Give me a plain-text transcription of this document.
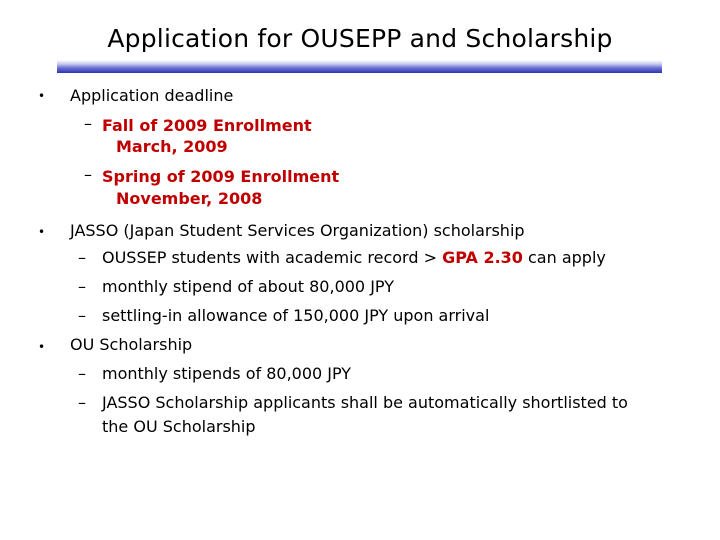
Application for OUSEPP and Scholarship
• Application deadline
– Fall of 2009 Enrollment
March, 2009
– Spring of 2009 Enrollment
November, 2008
• JASSO (Japan Student Services Organization) scholarship
– OUSSEP students with academic record > GPA 2.30 can apply
– monthly stipend of about 80,000 JPY
– settling-in allowance of 150,000 JPY upon arrival
• OU Scholarship
– monthly stipends of 80,000 JPY
– JASSO Scholarship applicants shall be automatically shortlisted to
the OU Scholarship
